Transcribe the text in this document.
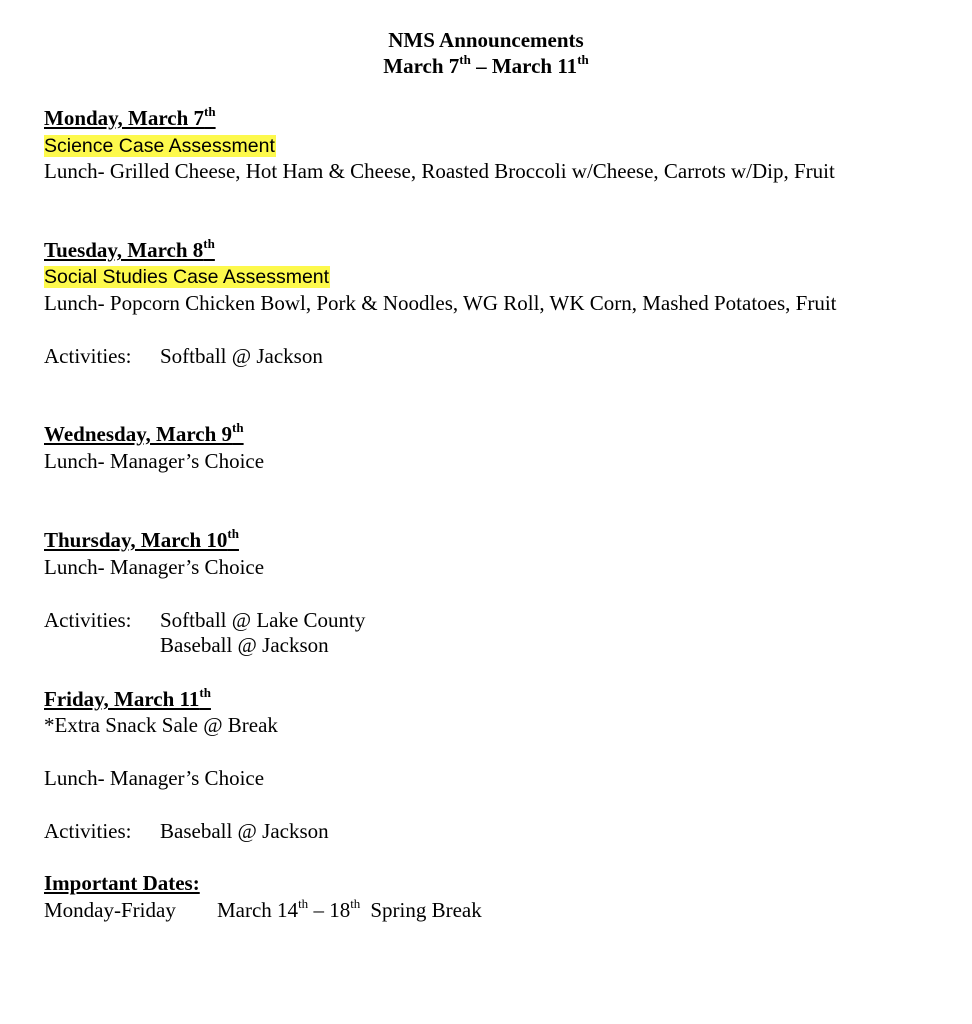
NMS Announcements
March 7th – March 11th
Monday, March 7th
Science Case Assessment
Lunch- Grilled Cheese, Hot Ham & Cheese, Roasted Broccoli w/Cheese, Carrots w/Dip, Fruit
Tuesday, March 8th
Social Studies Case Assessment
Lunch- Popcorn Chicken Bowl, Pork & Noodles, WG Roll, WK Corn, Mashed Potatoes, Fruit
Activities: Softball @ Jackson
Wednesday, March 9th
Lunch- Manager’s Choice
Thursday, March 10th
Lunch- Manager’s Choice
Activities: Softball @ Lake County
Baseball @ Jackson
Friday, March 11th
*Extra Snack Sale @ Break
Lunch- Manager’s Choice
Activities: Baseball @ Jackson
Important Dates:
Monday-Friday March 14th – 18th Spring Break
